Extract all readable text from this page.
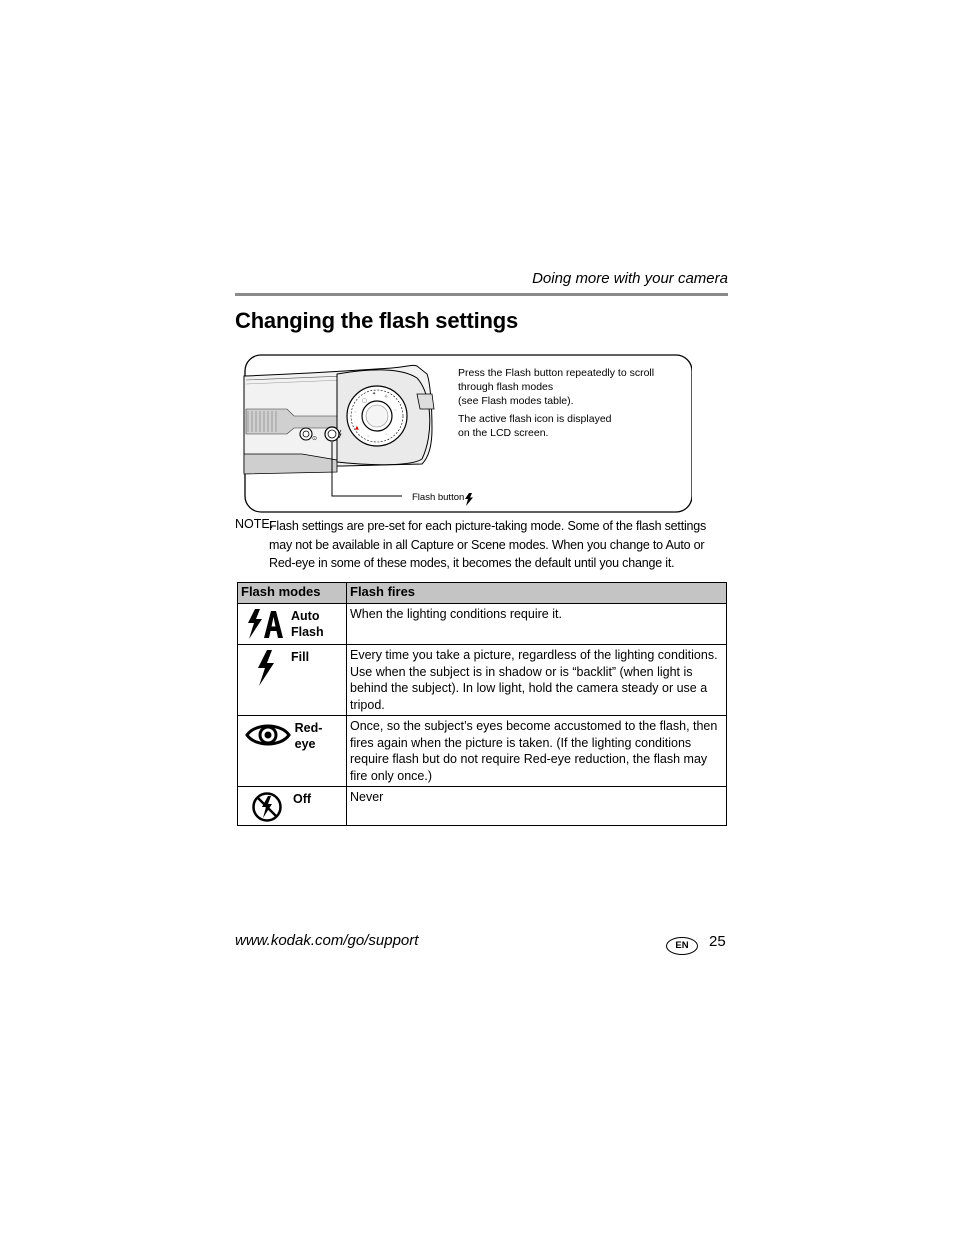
Doing more with your camera
Changing the flash settings
▢
✦ ✧
◦	◦
▲
◦	◦
⊙
Press the Flash button repeatedly to scroll
through flash modes
(see Flash modes table).
The active flash icon is displayed
on the LCD screen.
Flash button
NOTE:
Flash settings are pre-set for each picture-taking mode. Some of the flash settings may not be available in all Capture or Scene modes. When you change to Auto or Red-eye in some of these modes, it becomes the default until you change it.
Flash modes	Flash fires

Auto
Flash	When the lighting conditions require it.

Fill	Every time you take a picture, regardless of the lighting conditions. Use when the subject is in shadow or is “backlit” (when light is behind the subject). In low light, hold the camera steady or use a tripod.

Red-eye	Once, so the subject’s eyes become accustomed to the flash, then fires again when the picture is taken. (If the lighting conditions require flash but do not require Red-eye reduction, the flash may fire only once.)

Off	Never
www.kodak.com/go/support	EN	25
